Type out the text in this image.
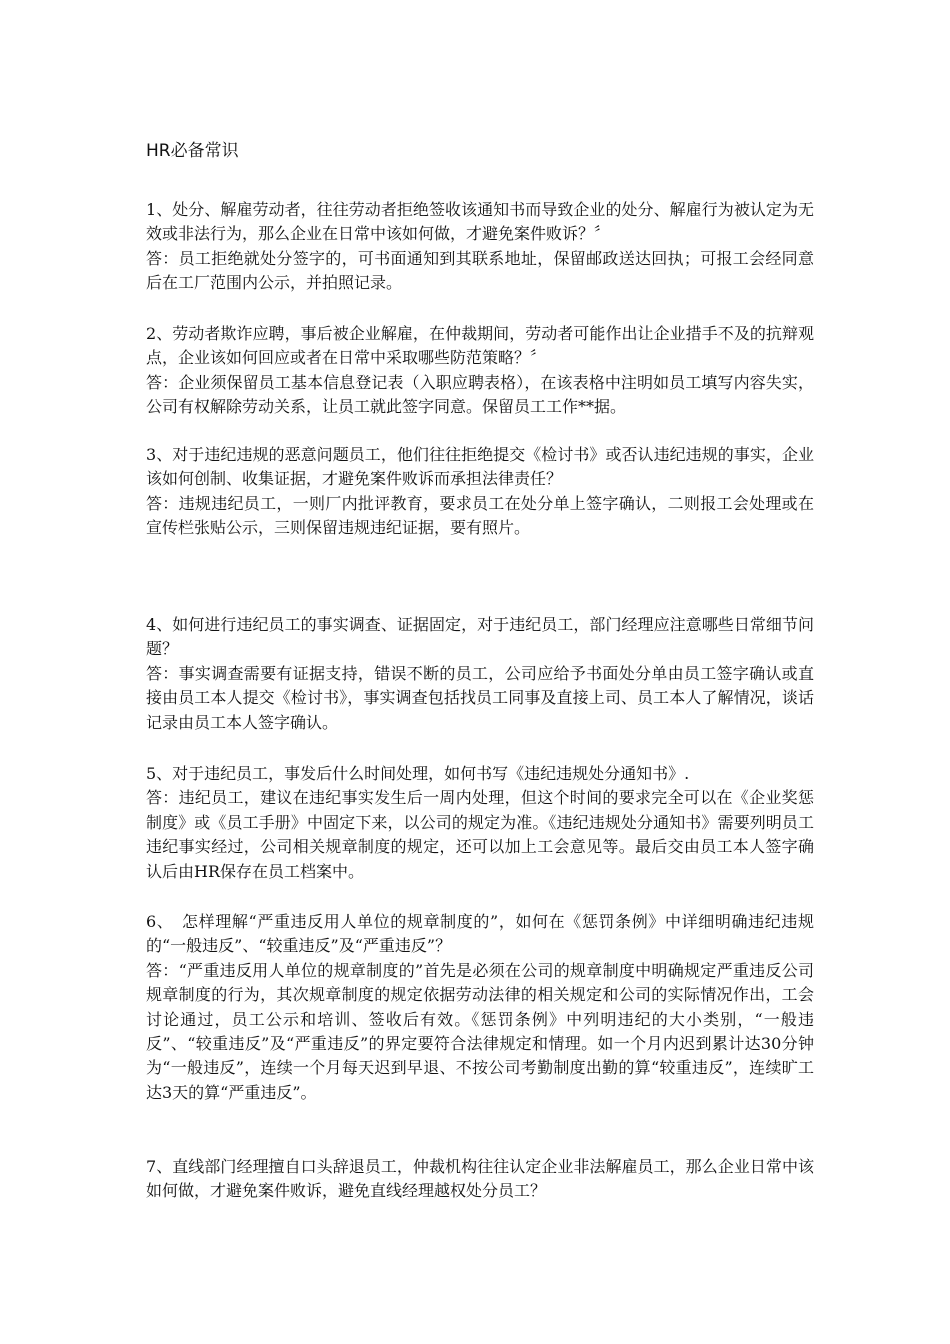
HR必备常识

1、处分、解雇劳动者，往往劳动者拒绝签收该通知书而导致企业的处分、解雇行为被认定为无效或非法行为，那么企业在日常中该如何做，才避免案件败诉？〞

答：员工拒绝就处分签字的，可书面通知到其联系地址，保留邮政送达回执；可报工会经同意后在工厂范围内公示，并拍照记录。

2、劳动者欺诈应聘，事后被企业解雇，在仲裁期间，劳动者可能作出让企业措手不及的抗辩观点，企业该如何回应或者在日常中采取哪些防范策略？〞

答：企业须保留员工基本信息登记表（入职应聘表格），在该表格中注明如员工填写内容失实，公司有权解除劳动关系，让员工就此签字同意。保留员工工作**据。

3、对于违纪违规的恶意问题员工，他们往往拒绝提交《检讨书》或否认违纪违规的事实，企业该如何创制、收集证据，才避免案件败诉而承担法律责任？

答：违规违纪员工，一则厂内批评教育，要求员工在处分单上签字确认，二则报工会处理或在宣传栏张贴公示，三则保留违规违纪证据，要有照片。

4、如何进行违纪员工的事实调查、证据固定，对于违纪员工，部门经理应注意哪些日常细节问题？

答：事实调查需要有证据支持，错误不断的员工，公司应给予书面处分单由员工签字确认或直接由员工本人提交《检讨书》，事实调查包括找员工同事及直接上司、员工本人了解情况，谈话记录由员工本人签字确认。

5、对于违纪员工，事发后什么时间处理，如何书写《违纪违规处分通知书》.

答：违纪员工，建议在违纪事实发生后一周内处理，但这个时间的要求完全可以在《企业奖惩制度》或《员工手册》中固定下来，以公司的规定为准。《违纪违规处分通知书》需要列明员工违纪事实经过，公司相关规章制度的规定，还可以加上工会意见等。最后交由员工本人签字确认后由HR保存在员工档案中。

6、　怎样理解“严重违反用人单位的规章制度的”，如何在《惩罚条例》中详细明确违纪违规的“一般违反”、“较重违反”及“严重违反”？

答：“严重违反用人单位的规章制度的”首先是必须在公司的规章制度中明确规定严重违反公司规章制度的行为，其次规章制度的规定依据劳动法律的相关规定和公司的实际情况作出，工会讨论通过，员工公示和培训、签收后有效。《惩罚条例》中列明违纪的大小类别，“一般违反”、“较重违反”及“严重违反”的界定要符合法律规定和情理。如一个月内迟到累计达30分钟为“一般违反”，连续一个月每天迟到早退、不按公司考勤制度出勤的算“较重违反”，连续旷工达3天的算“严重违反”。

7、直线部门经理擅自口头辞退员工，仲裁机构往往认定企业非法解雇员工，那么企业日常中该如何做，才避免案件败诉，避免直线经理越权处分员工？
